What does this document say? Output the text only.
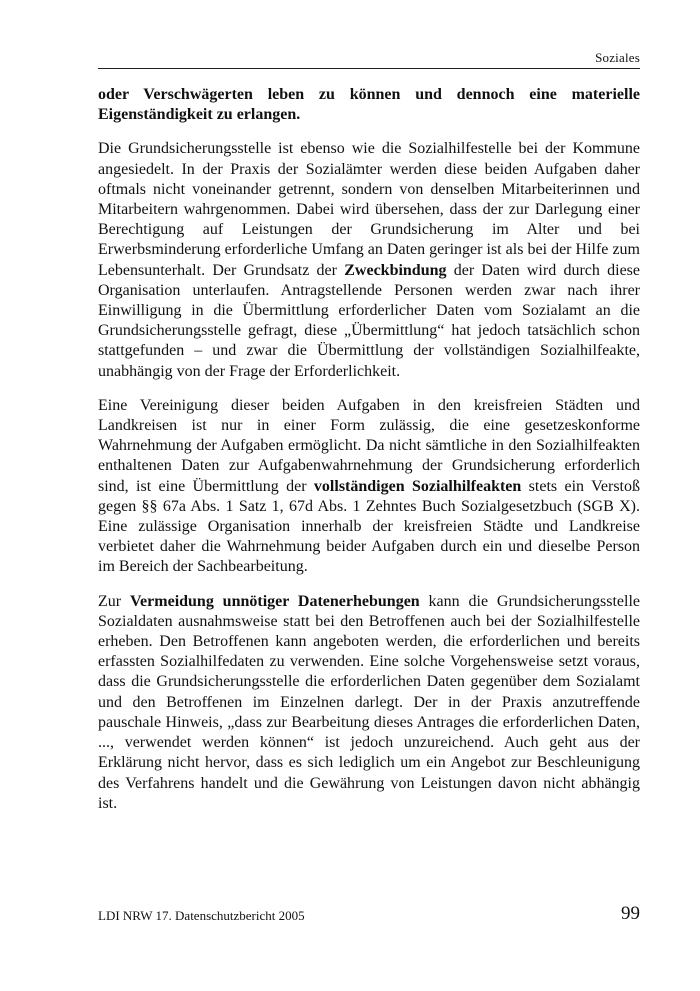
Soziales

oder Verschwägerten leben zu können und dennoch eine materielle Eigenständigkeit zu erlangen.

Die Grundsicherungsstelle ist ebenso wie die Sozialhilfestelle bei der Kommune angesiedelt. In der Praxis der Sozialämter werden diese beiden Aufgaben daher oftmals nicht voneinander getrennt, sondern von denselben Mitarbeiterinnen und Mitarbeitern wahrgenommen. Dabei wird übersehen, dass der zur Darlegung einer Berechtigung auf Leistungen der Grundsicherung im Alter und bei Erwerbsminderung erforderliche Umfang an Daten geringer ist als bei der Hilfe zum Lebensunterhalt. Der Grundsatz der Zweckbindung der Daten wird durch diese Organisation unterlaufen. Antragstellende Personen werden zwar nach ihrer Einwilligung in die Übermittlung erforderlicher Daten vom Sozialamt an die Grundsicherungsstelle gefragt, diese „Übermittlung“ hat jedoch tatsächlich schon stattgefunden – und zwar die Übermittlung der vollständigen Sozialhilfeakte, unabhängig von der Frage der Erforderlichkeit.

Eine Vereinigung dieser beiden Aufgaben in den kreisfreien Städten und Landkreisen ist nur in einer Form zulässig, die eine gesetzeskonforme Wahrnehmung der Aufgaben ermöglicht. Da nicht sämtliche in den Sozialhilfeakten enthaltenen Daten zur Aufgabenwahrnehmung der Grundsicherung erforderlich sind, ist eine Übermittlung der vollständigen Sozialhilfeakten stets ein Verstoß gegen §§ 67a Abs. 1 Satz 1, 67d Abs. 1 Zehntes Buch Sozialgesetzbuch (SGB X). Eine zulässige Organisation innerhalb der kreisfreien Städte und Landkreise verbietet daher die Wahrnehmung beider Aufgaben durch ein und dieselbe Person im Bereich der Sachbearbeitung.

Zur Vermeidung unnötiger Datenerhebungen kann die Grundsicherungsstelle Sozialdaten ausnahmsweise statt bei den Betroffenen auch bei der Sozialhilfestelle erheben. Den Betroffenen kann angeboten werden, die erforderlichen und bereits erfassten Sozialhilfedaten zu verwenden. Eine solche Vorgehensweise setzt voraus, dass die Grundsicherungsstelle die erforderlichen Daten gegenüber dem Sozialamt und den Betroffenen im Einzelnen darlegt. Der in der Praxis anzutreffende pauschale Hinweis, „dass zur Bearbeitung dieses Antrages die erforderlichen Daten, ..., verwendet werden können“ ist jedoch unzureichend. Auch geht aus der Erklärung nicht hervor, dass es sich lediglich um ein Angebot zur Beschleunigung des Verfahrens handelt und die Gewährung von Leistungen davon nicht abhängig ist.

LDI NRW 17. Datenschutzbericht 2005	99
